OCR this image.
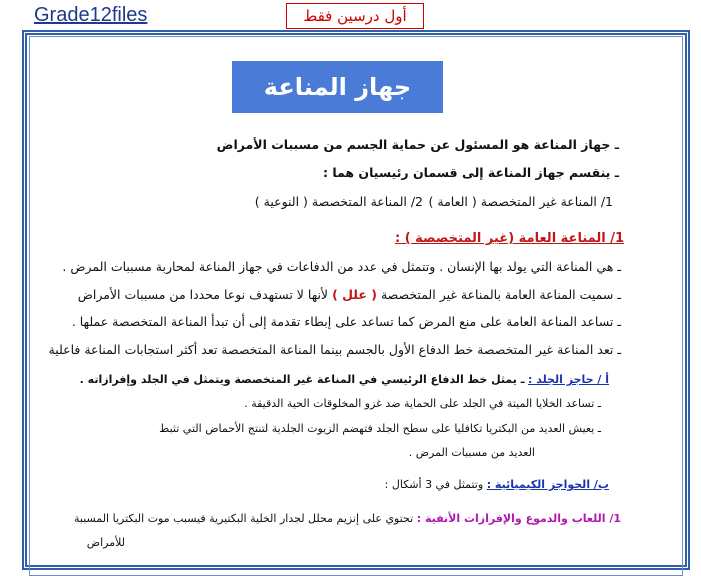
Grade12files	أول درسين فقط
جهاز المناعة
ـ جهاز المناعة هو المسئول عن حماية الجسم من مسببات الأمراض
ـ ينقسم جهاز المناعة إلى قسمان رئيسيان هما :
1/ المناعة غير المتخصصة ( العامة )
2/ المناعة المتخصصة ( النوعية )
1/ المناعة العامة (غير المتخصصة ) :
ـ هي المناعة التي يولد بها الإنسان . وتتمثل في عدد من الدفاعات في جهاز المناعة لمحاربة مسببات المرض .
ـ سميت المناعة العامة بالمناعة غير المتخصصة ( علل ) لأنها لا تستهدف نوعا محددا من مسببات الأمراض
ـ تساعد المناعة العامة على منع المرض كما تساعد على إبطاء تقدمة إلى أن تبدأ المناعة المتخصصة عملها .
ـ تعد المناعة غير المتخصصة خط الدفاع الأول بالجسم بينما المناعة المتخصصة تعد أكثر استجابات المناعة فاعلية
أ / حاجز الجلد : ـ يمثل خط الدفاع الرئيسي في المناعة غير المتخصصة ويتمثل في الجلد وإفرازاته .
ـ تساعد الخلايا الميتة في الجلد على الحماية ضد غزو المخلوقات الحية الدقيقة .
ـ يعيش العديد من البكتريا تكافليا على سطح الجلد فتهضم الزيوت الجلدية لتنتج الأحماض التي تثبط
العديد من مسببات المرض .
ب/ الحواجز الكيميائية : وتتمثل في 3 أشكال :
1/ اللعاب والدموع والإفرازات الأنفية : تحتوي على إنزيم محلل لجدار الخلية البكتيرية فيسبب موت البكتريا المسببة
للأمراض
